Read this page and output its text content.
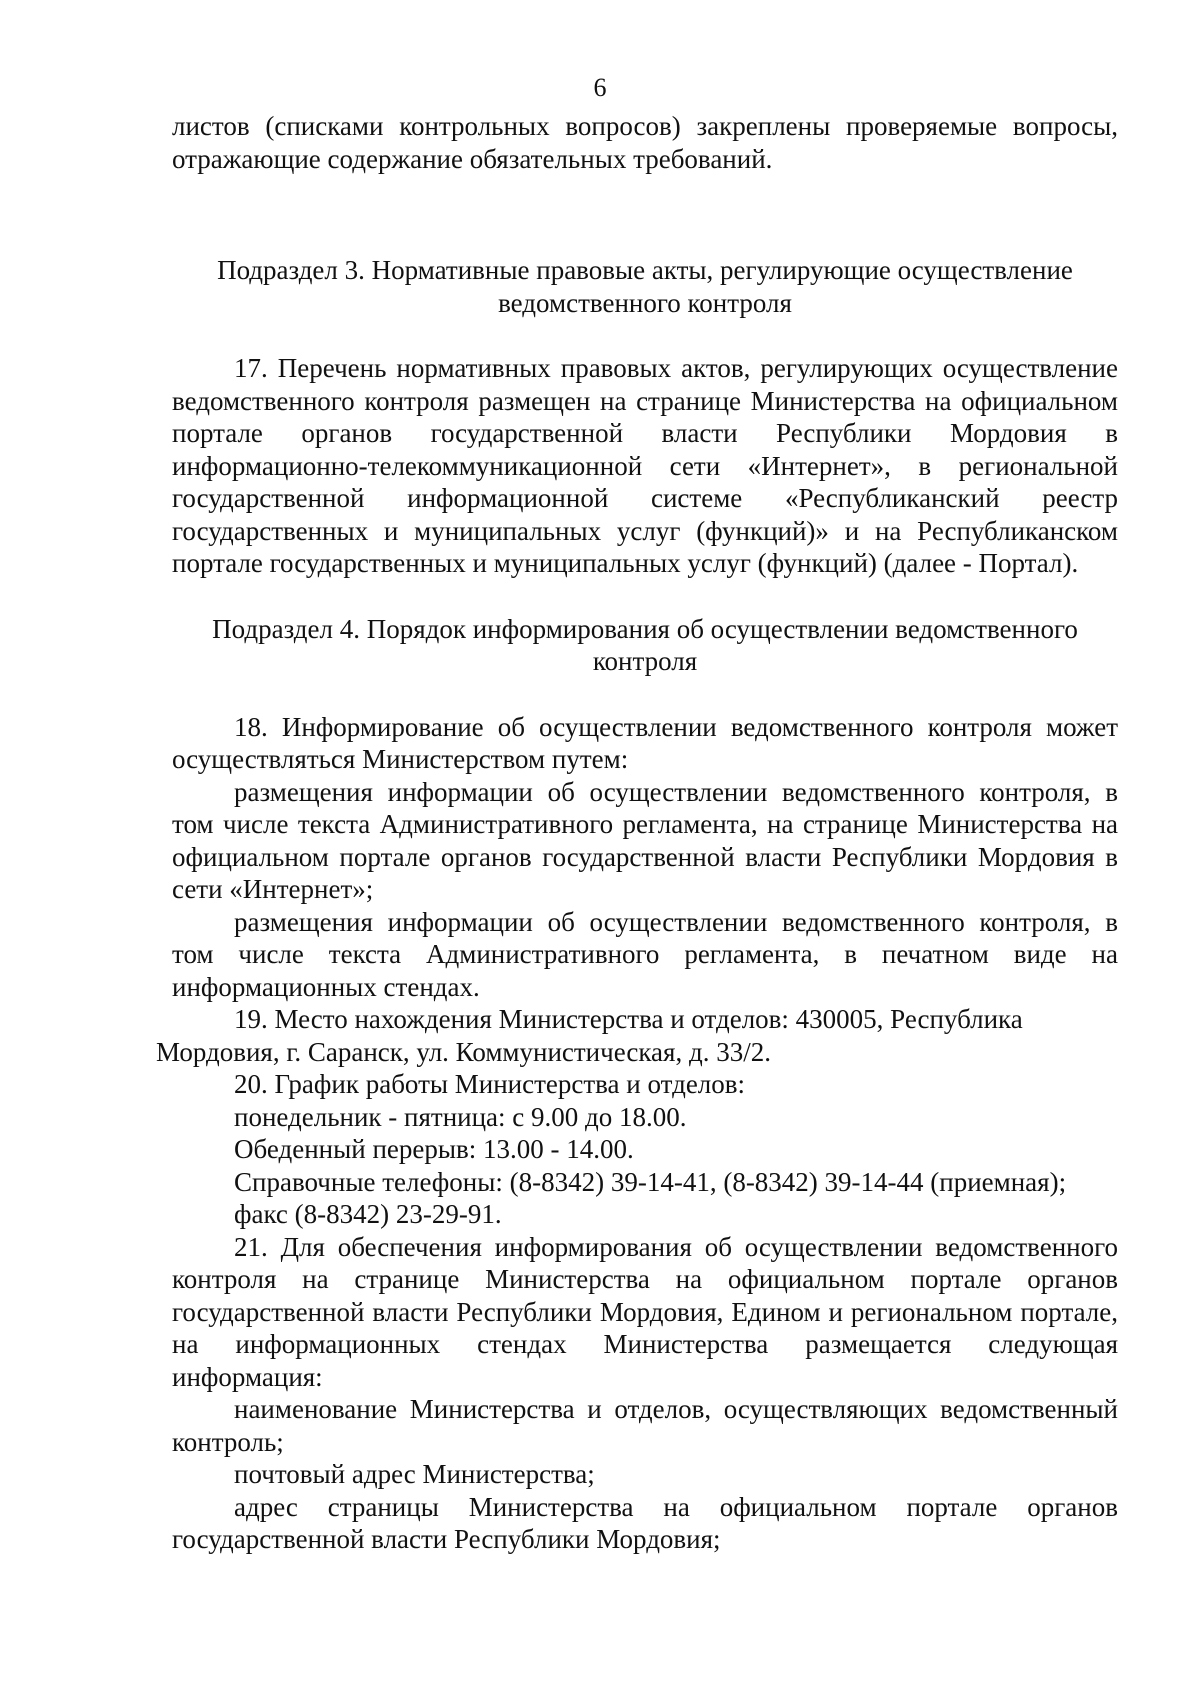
6

листов (списками контрольных вопросов) закреплены проверяемые вопросы, отражающие содержание обязательных требований.

Подраздел 3. Нормативные правовые акты, регулирующие осуществление ведомственного контроля

17. Перечень нормативных правовых актов, регулирующих осуществление ведомственного контроля размещен на странице Министерства на официальном портале органов государственной власти Республики Мордовия в информационно-телекоммуникационной сети «Интернет», в региональной государственной информационной системе «Республиканский реестр государственных и муниципальных услуг (функций)» и на Республиканском портале государственных и муниципальных услуг (функций) (далее - Портал).

Подраздел 4. Порядок информирования об осуществлении ведомственного контроля

18. Информирование об осуществлении ведомственного контроля может осуществляться Министерством путем:

размещения информации об осуществлении ведомственного контроля, в том числе текста Административного регламента, на странице Министерства на официальном портале органов государственной власти Республики Мордовия в сети «Интернет»;

размещения информации об осуществлении ведомственного контроля, в том числе текста Административного регламента, в печатном виде на информационных стендах.

19. Место нахождения Министерства и отделов: 430005, Республика

Мордовия, г. Саранск, ул. Коммунистическая, д. 33/2.

20. График работы Министерства и отделов:

понедельник - пятница: с 9.00 до 18.00.

Обеденный перерыв: 13.00 - 14.00.

Справочные телефоны: (8-8342) 39-14-41, (8-8342) 39-14-44 (приемная);

факс (8-8342) 23-29-91.

21. Для обеспечения информирования об осуществлении ведомственного контроля на странице Министерства на официальном портале органов государственной власти Республики Мордовия, Едином и региональном портале, на информационных стендах Министерства размещается следующая информация:

наименование Министерства и отделов, осуществляющих ведомственный контроль;

почтовый адрес Министерства;

адрес страницы Министерства на официальном портале органов государственной власти Республики Мордовия;
